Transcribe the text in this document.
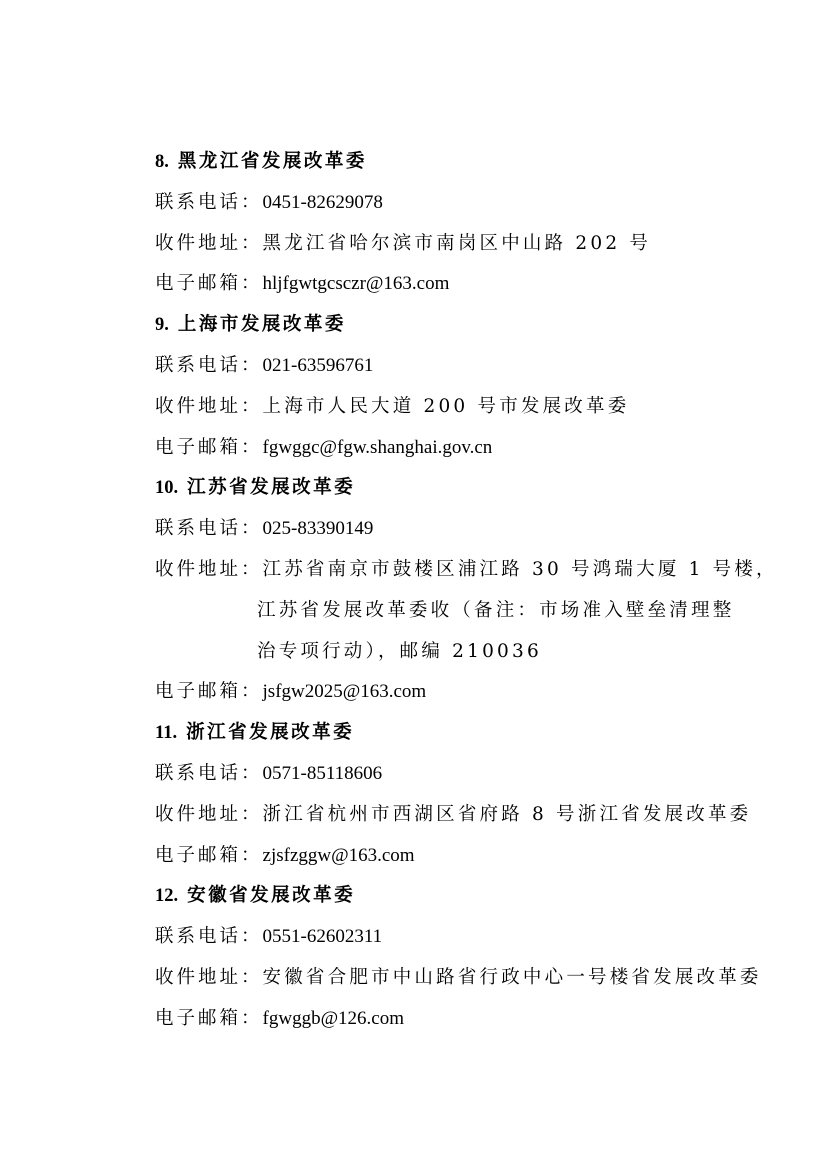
8. 黑龙江省发展改革委
联系电话：0451-82629078
收件地址：黑龙江省哈尔滨市南岗区中山路 202 号
电子邮箱：hljfgwtgcsczr@163.com
9. 上海市发展改革委
联系电话：021-63596761
收件地址：上海市人民大道 200 号市发展改革委
电子邮箱：fgwggc@fgw.shanghai.gov.cn
10. 江苏省发展改革委
联系电话：025-83390149
收件地址：江苏省南京市鼓楼区浦江路 30 号鸿瑞大厦 1 号楼，
江苏省发展改革委收（备注：市场准入壁垒清理整
治专项行动），邮编 210036
电子邮箱：jsfgw2025@163.com
11. 浙江省发展改革委
联系电话：0571-85118606
收件地址：浙江省杭州市西湖区省府路 8 号浙江省发展改革委
电子邮箱：zjsfzggw@163.com
12. 安徽省发展改革委
联系电话：0551-62602311
收件地址：安徽省合肥市中山路省行政中心一号楼省发展改革委
电子邮箱：fgwggb@126.com
